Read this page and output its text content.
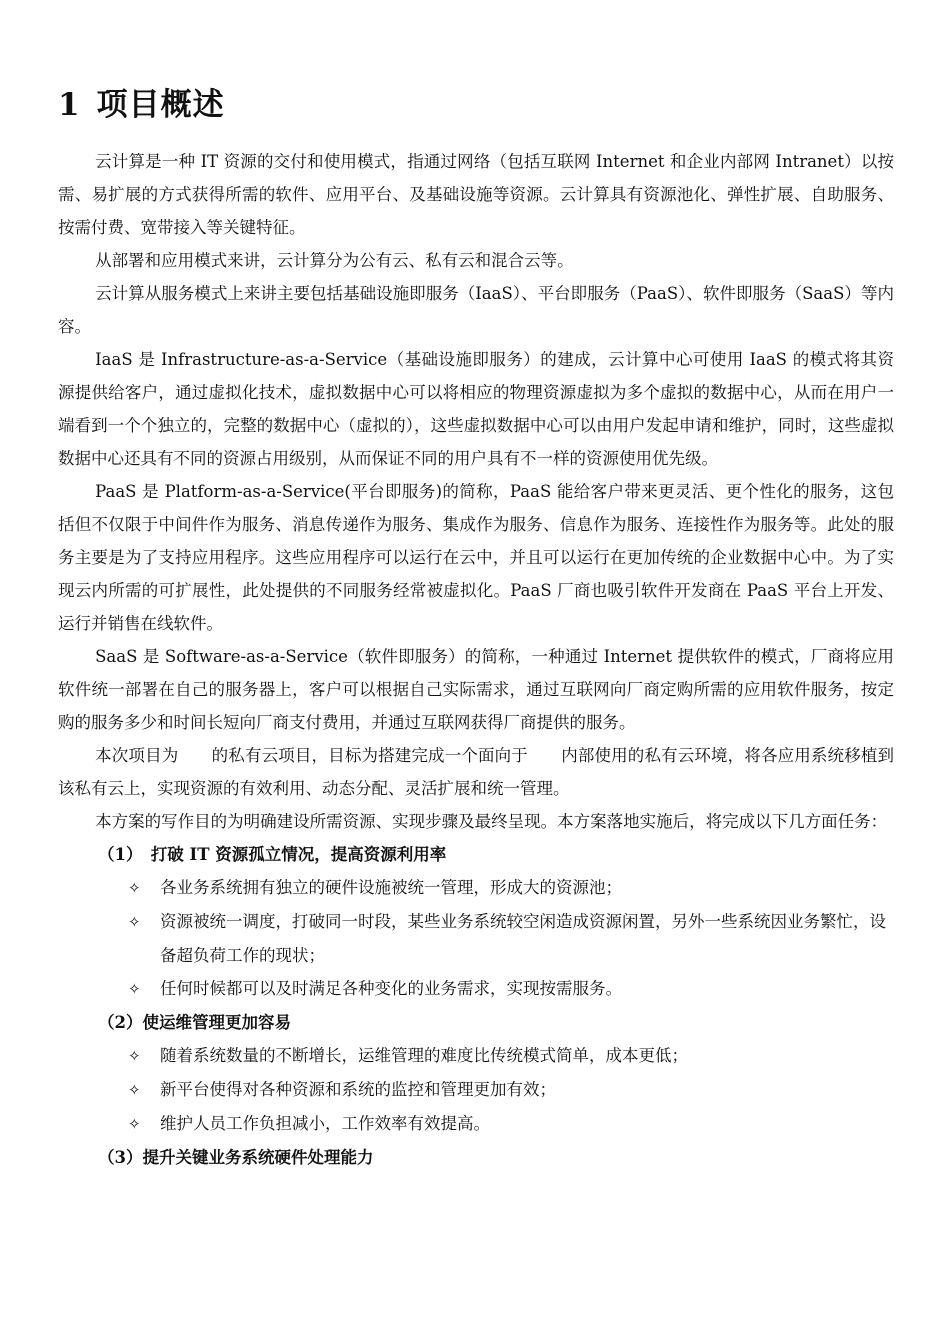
1 项目概述

云计算是一种 IT 资源的交付和使用模式，指通过网络（包括互联网 Internet 和企业内部网 Intranet）以按需、易扩展的方式获得所需的软件、应用平台、及基础设施等资源。云计算具有资源池化、弹性扩展、自助服务、按需付费、宽带接入等关键特征。

从部署和应用模式来讲，云计算分为公有云、私有云和混合云等。

云计算从服务模式上来讲主要包括基础设施即服务（IaaS）、平台即服务（PaaS）、软件即服务（SaaS）等内容。

IaaS 是 Infrastructure-as-a-Service（基础设施即服务）的建成，云计算中心可使用 IaaS 的模式将其资源提供给客户，通过虚拟化技术，虚拟数据中心可以将相应的物理资源虚拟为多个虚拟的数据中心，从而在用户一端看到一个个独立的，完整的数据中心（虚拟的），这些虚拟数据中心可以由用户发起申请和维护，同时，这些虚拟数据中心还具有不同的资源占用级别，从而保证不同的用户具有不一样的资源使用优先级。

PaaS 是 Platform-as-a-Service(平台即服务)的简称，PaaS 能给客户带来更灵活、更个性化的服务，这包括但不仅限于中间件作为服务、消息传递作为服务、集成作为服务、信息作为服务、连接性作为服务等。此处的服务主要是为了支持应用程序。这些应用程序可以运行在云中，并且可以运行在更加传统的企业数据中心中。为了实现云内所需的可扩展性，此处提供的不同服务经常被虚拟化。PaaS 厂商也吸引软件开发商在 PaaS 平台上开发、运行并销售在线软件。

SaaS 是 Software-as-a-Service（软件即服务）的简称，一种通过 Internet 提供软件的模式，厂商将应用软件统一部署在自己的服务器上，客户可以根据自己实际需求，通过互联网向厂商定购所需的应用软件服务，按定购的服务多少和时间长短向厂商支付费用，并通过互联网获得厂商提供的服务。

本次项目为　　的私有云项目，目标为搭建完成一个面向于　　内部使用的私有云环境，将各应用系统移植到该私有云上，实现资源的有效利用、动态分配、灵活扩展和统一管理。

本方案的写作目的为明确建设所需资源、实现步骤及最终呈现。本方案落地实施后，将完成以下几方面任务：

（1）　打破 IT 资源孤立情况，提高资源利用率

✧ 各业务系统拥有独立的硬件设施被统一管理，形成大的资源池；
✧ 资源被统一调度，打破同一时段，某些业务系统较空闲造成资源闲置，另外一些系统因业务繁忙，设备超负荷工作的现状；
✧ 任何时候都可以及时满足各种变化的业务需求，实现按需服务。

（2）使运维管理更加容易

✧ 随着系统数量的不断增长，运维管理的难度比传统模式简单，成本更低；
✧ 新平台使得对各种资源和系统的监控和管理更加有效；
✧ 维护人员工作负担减小，工作效率有效提高。

（3）提升关键业务系统硬件处理能力
